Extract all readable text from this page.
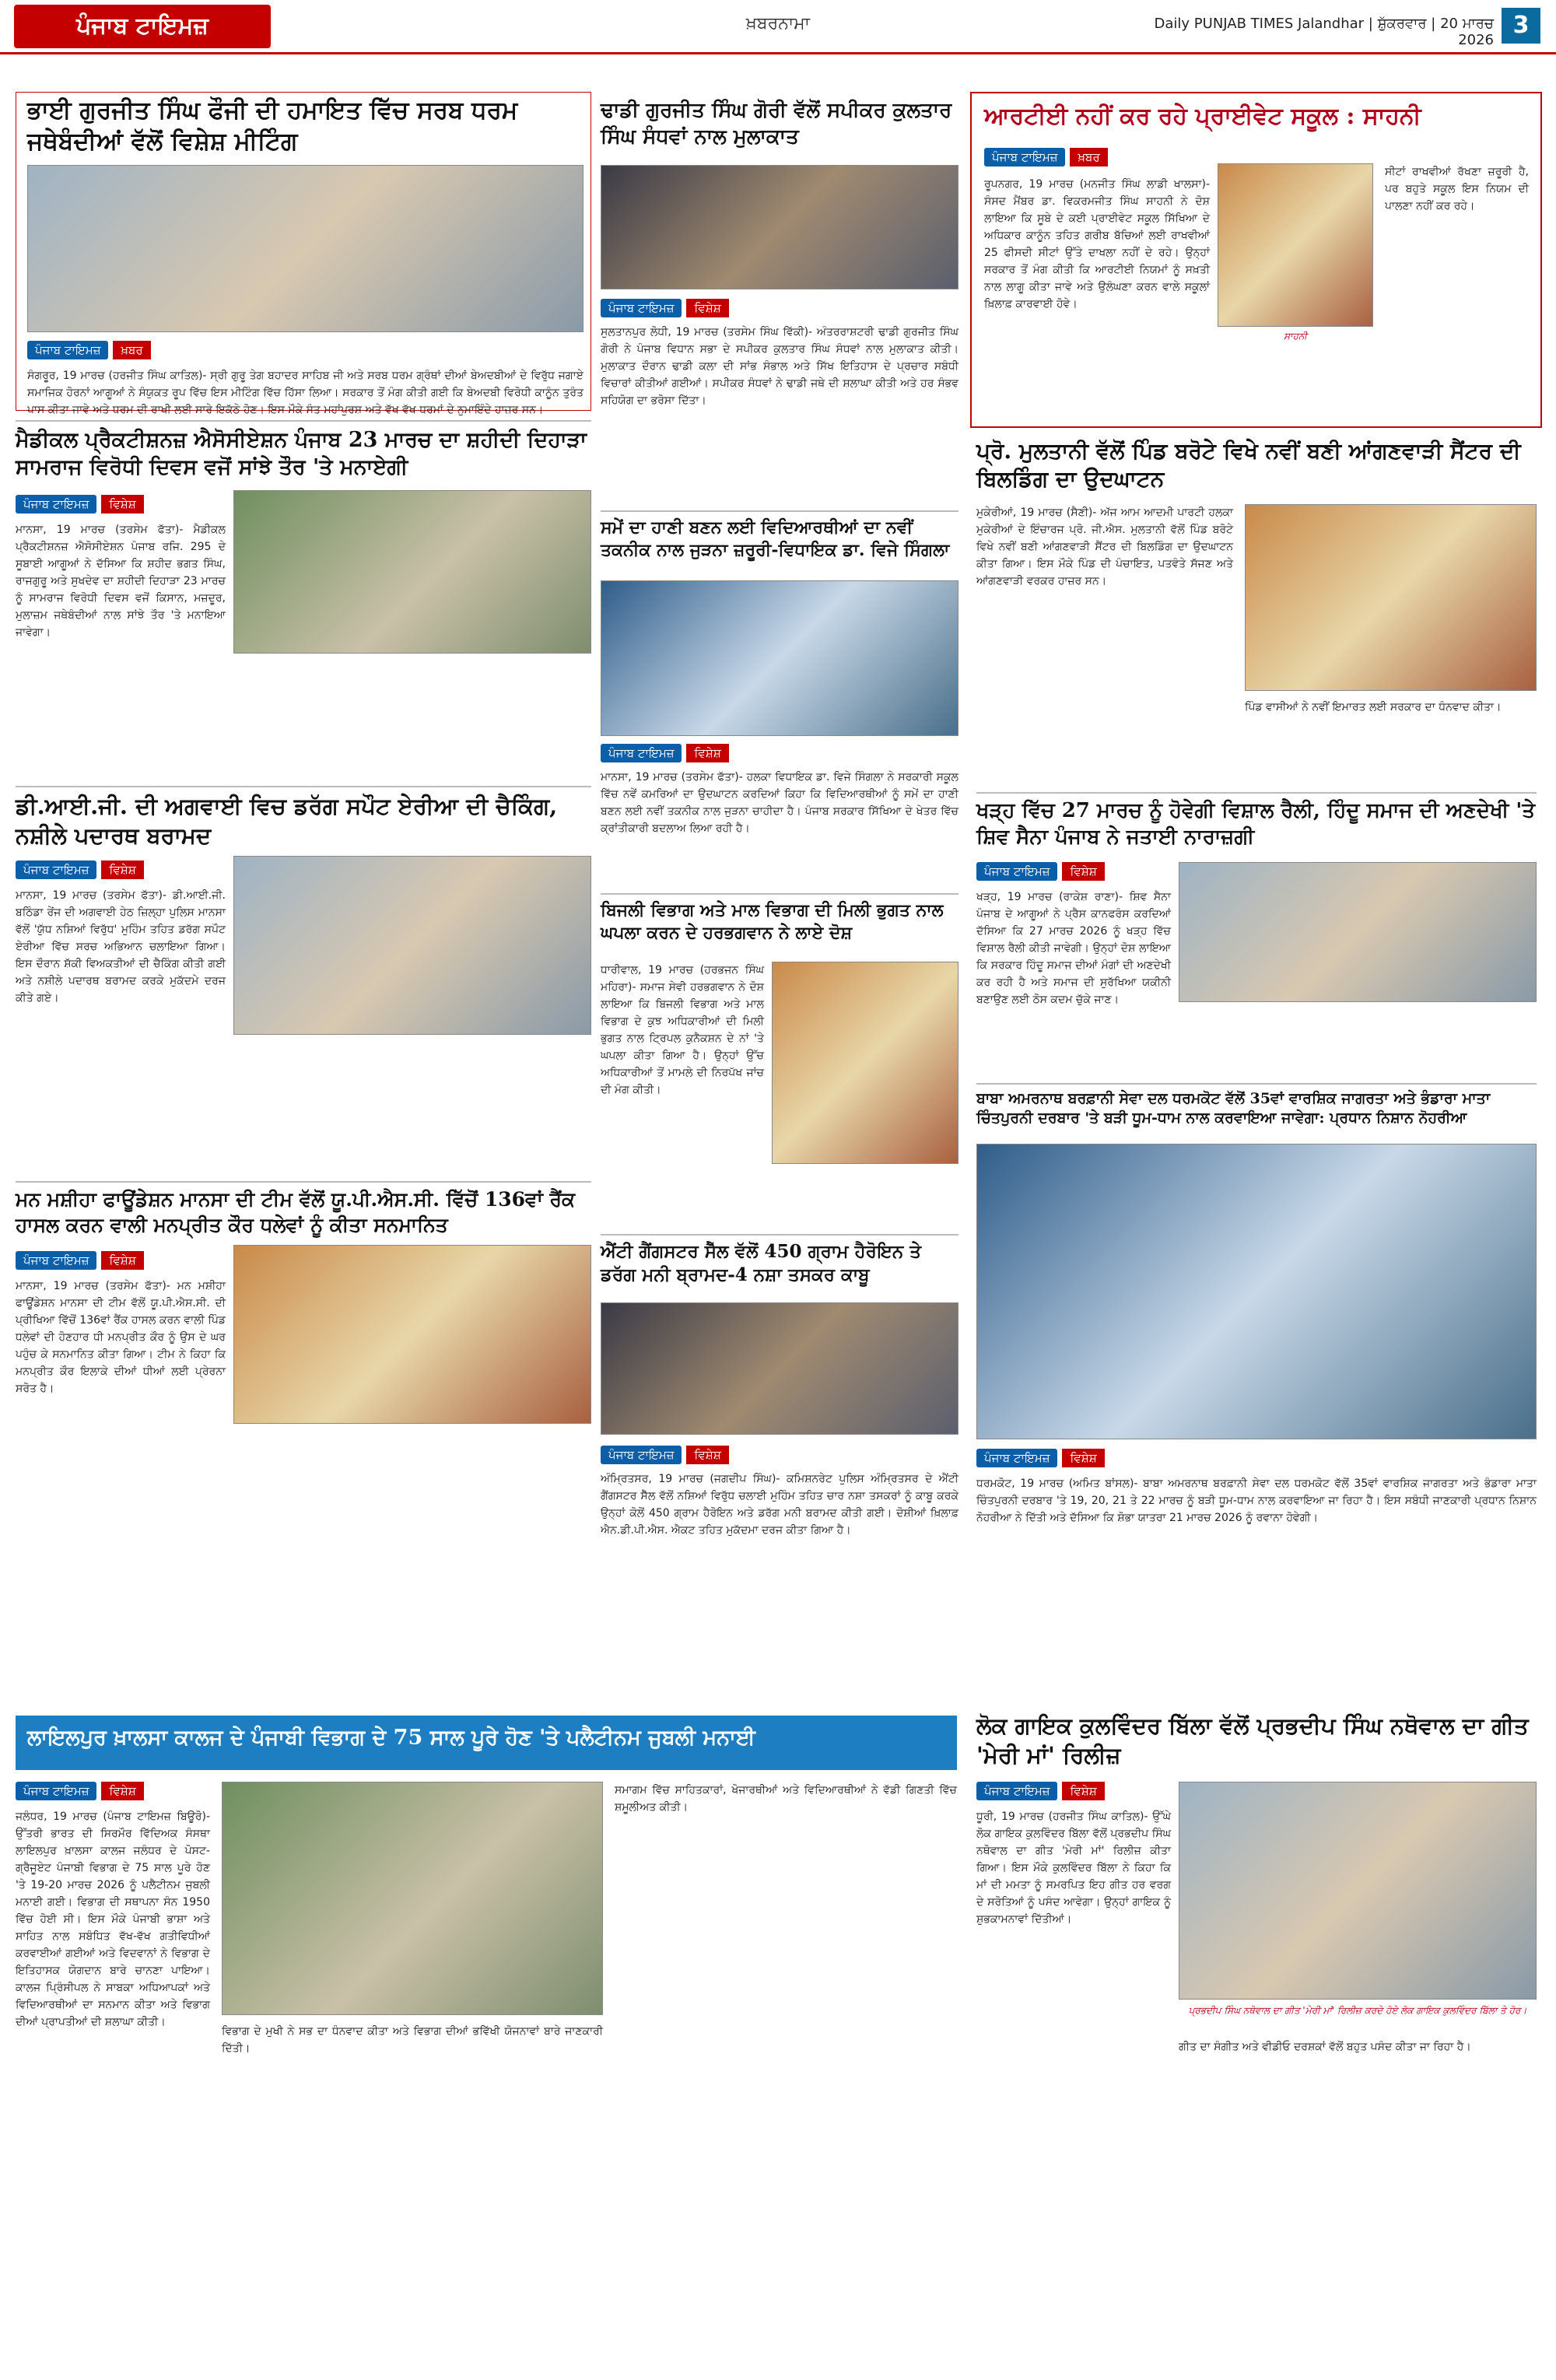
ਪੰਜਾਬ ਟਾਇਮਜ਼	ਖ਼ਬਰਨਾਮਾ	Daily PUNJAB TIMES Jalandhar | ਸ਼ੁੱਕਰਵਾਰ | 20 ਮਾਰਚ 2026
3
ਭਾਈ ਗੁਰਜੀਤ ਸਿੰਘ ਫੌਜੀ ਦੀ ਹਮਾਇਤ ਵਿੱਚ ਸਰਬ ਧਰਮ ਜਥੇਬੰਦੀਆਂ ਵੱਲੋਂ ਵਿਸ਼ੇਸ਼ ਮੀਟਿੰਗ
ਪੰਜਾਬ ਟਾਇਮਜ਼ ਖ਼ਬਰ
ਸੰਗਰੂਰ, 19 ਮਾਰਚ (ਹਰਜੀਤ ਸਿੰਘ ਕਾਤਿਲ)- ਸ੍ਰੀ ਗੁਰੂ ਤੇਗ ਬਹਾਦਰ ਸਾਹਿਬ ਜੀ ਅਤੇ ਸਰਬ ਧਰਮ ਗ੍ਰੰਥਾਂ ਦੀਆਂ ਬੇਅਦਬੀਆਂ ਦੇ ਵਿਰੁੱਧ ਜਗਾਏ ਸਮਾਜਿਕ ਹੋਰਨਾਂ ਆਗੂਆਂ ਨੇ ਸੰਯੁਕਤ ਰੂਪ ਵਿੱਚ ਇਸ ਮੀਟਿੰਗ ਵਿੱਚ ਹਿੱਸਾ ਲਿਆ। ਸਰਕਾਰ ਤੋਂ ਮੰਗ ਕੀਤੀ ਗਈ ਕਿ ਬੇਅਦਬੀ ਵਿਰੋਧੀ ਕਾਨੂੰਨ ਤੁਰੰਤ ਪਾਸ ਕੀਤਾ ਜਾਵੇ ਅਤੇ ਧਰਮ ਦੀ ਰਾਖੀ ਲਈ ਸਾਰੇ ਇਕੱਠੇ ਹੋਣ। ਇਸ ਮੌਕੇ ਸੰਤ ਮਹਾਂਪੁਰਸ਼ ਅਤੇ ਵੱਖ ਵੱਖ ਧਰਮਾਂ ਦੇ ਨੁਮਾਇੰਦੇ ਹਾਜ਼ਰ ਸਨ।
ਢਾਡੀ ਗੁਰਜੀਤ ਸਿੰਘ ਗੋਰੀ ਵੱਲੋਂ ਸਪੀਕਰ ਕੁਲਤਾਰ ਸਿੰਘ ਸੰਧਵਾਂ ਨਾਲ ਮੁਲਾਕਾਤ
ਪੰਜਾਬ ਟਾਇਮਜ਼ ਵਿਸ਼ੇਸ਼
ਸੁਲਤਾਨਪੁਰ ਲੋਧੀ, 19 ਮਾਰਚ (ਤਰਸੇਮ ਸਿੰਘ ਵਿੱਕੀ)- ਅੰਤਰਰਾਸ਼ਟਰੀ ਢਾਡੀ ਗੁਰਜੀਤ ਸਿੰਘ ਗੋਰੀ ਨੇ ਪੰਜਾਬ ਵਿਧਾਨ ਸਭਾ ਦੇ ਸਪੀਕਰ ਕੁਲਤਾਰ ਸਿੰਘ ਸੰਧਵਾਂ ਨਾਲ ਮੁਲਾਕਾਤ ਕੀਤੀ। ਮੁਲਾਕਾਤ ਦੌਰਾਨ ਢਾਡੀ ਕਲਾ ਦੀ ਸਾਂਭ ਸੰਭਾਲ ਅਤੇ ਸਿੱਖ ਇਤਿਹਾਸ ਦੇ ਪ੍ਰਚਾਰ ਸਬੰਧੀ ਵਿਚਾਰਾਂ ਕੀਤੀਆਂ ਗਈਆਂ। ਸਪੀਕਰ ਸੰਧਵਾਂ ਨੇ ਢਾਡੀ ਜਥੇ ਦੀ ਸ਼ਲਾਘਾ ਕੀਤੀ ਅਤੇ ਹਰ ਸੰਭਵ ਸਹਿਯੋਗ ਦਾ ਭਰੋਸਾ ਦਿੱਤਾ।
ਆਰਟੀਈ ਨਹੀਂ ਕਰ ਰਹੇ ਪ੍ਰਾਈਵੇਟ ਸਕੂਲ : ਸਾਹਨੀ
ਪੰਜਾਬ ਟਾਇਮਜ਼ ਖ਼ਬਰ
ਰੂਪਨਗਰ, 19 ਮਾਰਚ (ਮਨਜੀਤ ਸਿੰਘ ਲਾਡੀ ਖਾਲਸਾ)- ਸੰਸਦ ਮੈਂਬਰ ਡਾ. ਵਿਕਰਮਜੀਤ ਸਿੰਘ ਸਾਹਨੀ ਨੇ ਦੋਸ਼ ਲਾਇਆ ਕਿ ਸੂਬੇ ਦੇ ਕਈ ਪ੍ਰਾਈਵੇਟ ਸਕੂਲ ਸਿੱਖਿਆ ਦੇ ਅਧਿਕਾਰ ਕਾਨੂੰਨ ਤਹਿਤ ਗਰੀਬ ਬੱਚਿਆਂ ਲਈ ਰਾਖਵੀਆਂ 25 ਫੀਸਦੀ ਸੀਟਾਂ ਉੱਤੇ ਦਾਖਲਾ ਨਹੀਂ ਦੇ ਰਹੇ। ਉਨ੍ਹਾਂ ਸਰਕਾਰ ਤੋਂ ਮੰਗ ਕੀਤੀ ਕਿ ਆਰਟੀਈ ਨਿਯਮਾਂ ਨੂੰ ਸਖ਼ਤੀ ਨਾਲ ਲਾਗੂ ਕੀਤਾ ਜਾਵੇ ਅਤੇ ਉਲੰਘਣਾ ਕਰਨ ਵਾਲੇ ਸਕੂਲਾਂ ਖ਼ਿਲਾਫ਼ ਕਾਰਵਾਈ ਹੋਵੇ।
ਸਾਹਨੀ
ਸੀਟਾਂ ਰਾਖਵੀਆਂ ਰੱਖਣਾ ਜ਼ਰੂਰੀ ਹੈ, ਪਰ ਬਹੁਤੇ ਸਕੂਲ ਇਸ ਨਿਯਮ ਦੀ ਪਾਲਣਾ ਨਹੀਂ ਕਰ ਰਹੇ।
ਸਮੇਂ ਦਾ ਹਾਣੀ ਬਣਨ ਲਈ ਵਿਦਿਆਰਥੀਆਂ ਦਾ ਨਵੀਂ ਤਕਨੀਕ ਨਾਲ ਜੁੜਨਾ ਜ਼ਰੂਰੀ-ਵਿਧਾਇਕ ਡਾ. ਵਿਜੇ ਸਿੰਗਲਾ
ਪੰਜਾਬ ਟਾਇਮਜ਼ ਵਿਸ਼ੇਸ਼
ਮਾਨਸਾ, 19 ਮਾਰਚ (ਤਰਸੇਮ ਫੱਤਾ)- ਹਲਕਾ ਵਿਧਾਇਕ ਡਾ. ਵਿਜੇ ਸਿੰਗਲਾ ਨੇ ਸਰਕਾਰੀ ਸਕੂਲ ਵਿੱਚ ਨਵੇਂ ਕਮਰਿਆਂ ਦਾ ਉਦਘਾਟਨ ਕਰਦਿਆਂ ਕਿਹਾ ਕਿ ਵਿਦਿਆਰਥੀਆਂ ਨੂੰ ਸਮੇਂ ਦਾ ਹਾਣੀ ਬਣਨ ਲਈ ਨਵੀਂ ਤਕਨੀਕ ਨਾਲ ਜੁੜਨਾ ਚਾਹੀਦਾ ਹੈ। ਪੰਜਾਬ ਸਰਕਾਰ ਸਿੱਖਿਆ ਦੇ ਖੇਤਰ ਵਿੱਚ ਕ੍ਰਾਂਤੀਕਾਰੀ ਬਦਲਾਅ ਲਿਆ ਰਹੀ ਹੈ।
ਪ੍ਰੋ. ਮੁਲਤਾਨੀ ਵੱਲੋਂ ਪਿੰਡ ਬਰੋਟੇ ਵਿਖੇ ਨਵੀਂ ਬਣੀ ਆਂਗਣਵਾੜੀ ਸੈਂਟਰ ਦੀ ਬਿਲਡਿੰਗ ਦਾ ਉਦਘਾਟਨ
ਮੁਕੇਰੀਆਂ, 19 ਮਾਰਚ (ਸੈਣੀ)- ਅੱਜ ਆਮ ਆਦਮੀ ਪਾਰਟੀ ਹਲਕਾ ਮੁਕੇਰੀਆਂ ਦੇ ਇੰਚਾਰਜ ਪ੍ਰੋ. ਜੀ.ਐਸ. ਮੁਲਤਾਨੀ ਵੱਲੋਂ ਪਿੰਡ ਬਰੋਟੇ ਵਿਖੇ ਨਵੀਂ ਬਣੀ ਆਂਗਣਵਾੜੀ ਸੈਂਟਰ ਦੀ ਬਿਲਡਿੰਗ ਦਾ ਉਦਘਾਟਨ ਕੀਤਾ ਗਿਆ। ਇਸ ਮੌਕੇ ਪਿੰਡ ਦੀ ਪੰਚਾਇਤ, ਪਤਵੰਤੇ ਸੱਜਣ ਅਤੇ ਆਂਗਣਵਾੜੀ ਵਰਕਰ ਹਾਜ਼ਰ ਸਨ।
ਪਿੰਡ ਵਾਸੀਆਂ ਨੇ ਨਵੀਂ ਇਮਾਰਤ ਲਈ ਸਰਕਾਰ ਦਾ ਧੰਨਵਾਦ ਕੀਤਾ।
ਮੈਡੀਕਲ ਪ੍ਰੈਕਟੀਸ਼ਨਜ਼ ਐਸੋਸੀਏਸ਼ਨ ਪੰਜਾਬ 23 ਮਾਰਚ ਦਾ ਸ਼ਹੀਦੀ ਦਿਹਾੜਾ ਸਾਮਰਾਜ ਵਿਰੋਧੀ ਦਿਵਸ ਵਜੋਂ ਸਾਂਝੇ ਤੌਰ 'ਤੇ ਮਨਾਏਗੀ
ਪੰਜਾਬ ਟਾਇਮਜ਼ ਵਿਸ਼ੇਸ਼
ਮਾਨਸਾ, 19 ਮਾਰਚ (ਤਰਸੇਮ ਫੱਤਾ)- ਮੈਡੀਕਲ ਪ੍ਰੈਕਟੀਸ਼ਨਜ਼ ਐਸੋਸੀਏਸ਼ਨ ਪੰਜਾਬ ਰਜਿ. 295 ਦੇ ਸੂਬਾਈ ਆਗੂਆਂ ਨੇ ਦੱਸਿਆ ਕਿ ਸ਼ਹੀਦ ਭਗਤ ਸਿੰਘ, ਰਾਜਗੁਰੂ ਅਤੇ ਸੁਖਦੇਵ ਦਾ ਸ਼ਹੀਦੀ ਦਿਹਾੜਾ 23 ਮਾਰਚ ਨੂੰ ਸਾਮਰਾਜ ਵਿਰੋਧੀ ਦਿਵਸ ਵਜੋਂ ਕਿਸਾਨ, ਮਜ਼ਦੂਰ, ਮੁਲਾਜ਼ਮ ਜਥੇਬੰਦੀਆਂ ਨਾਲ ਸਾਂਝੇ ਤੌਰ 'ਤੇ ਮਨਾਇਆ ਜਾਵੇਗਾ।
ਖੜ੍ਹ ਵਿੱਚ 27 ਮਾਰਚ ਨੂੰ ਹੋਵੇਗੀ ਵਿਸ਼ਾਲ ਰੈਲੀ, ਹਿੰਦੂ ਸਮਾਜ ਦੀ ਅਣਦੇਖੀ 'ਤੇ ਸ਼ਿਵ ਸੈਨਾ ਪੰਜਾਬ ਨੇ ਜਤਾਈ ਨਾਰਾਜ਼ਗੀ
ਪੰਜਾਬ ਟਾਇਮਜ਼ ਵਿਸ਼ੇਸ਼
ਖੜ੍ਹ, 19 ਮਾਰਚ (ਰਾਕੇਸ਼ ਰਾਣਾ)- ਸ਼ਿਵ ਸੈਨਾ ਪੰਜਾਬ ਦੇ ਆਗੂਆਂ ਨੇ ਪ੍ਰੈਸ ਕਾਨਫਰੰਸ ਕਰਦਿਆਂ ਦੱਸਿਆ ਕਿ 27 ਮਾਰਚ 2026 ਨੂੰ ਖੜ੍ਹ ਵਿੱਚ ਵਿਸ਼ਾਲ ਰੈਲੀ ਕੀਤੀ ਜਾਵੇਗੀ। ਉਨ੍ਹਾਂ ਦੋਸ਼ ਲਾਇਆ ਕਿ ਸਰਕਾਰ ਹਿੰਦੂ ਸਮਾਜ ਦੀਆਂ ਮੰਗਾਂ ਦੀ ਅਣਦੇਖੀ ਕਰ ਰਹੀ ਹੈ ਅਤੇ ਸਮਾਜ ਦੀ ਸੁਰੱਖਿਆ ਯਕੀਨੀ ਬਣਾਉਣ ਲਈ ਠੋਸ ਕਦਮ ਚੁੱਕੇ ਜਾਣ।
ਡੀ.ਆਈ.ਜੀ. ਦੀ ਅਗਵਾਈ ਵਿਚ ਡਰੱਗ ਸਪੌਟ ਏਰੀਆ ਦੀ ਚੈਕਿੰਗ, ਨਸ਼ੀਲੇ ਪਦਾਰਥ ਬਰਾਮਦ
ਪੰਜਾਬ ਟਾਇਮਜ਼ ਵਿਸ਼ੇਸ਼
ਮਾਨਸਾ, 19 ਮਾਰਚ (ਤਰਸੇਮ ਫੱਤਾ)- ਡੀ.ਆਈ.ਜੀ. ਬਠਿੰਡਾ ਰੇਂਜ ਦੀ ਅਗਵਾਈ ਹੇਠ ਜ਼ਿਲ੍ਹਾ ਪੁਲਿਸ ਮਾਨਸਾ ਵੱਲੋਂ 'ਯੁੱਧ ਨਸ਼ਿਆਂ ਵਿਰੁੱਧ' ਮੁਹਿੰਮ ਤਹਿਤ ਡਰੱਗ ਸਪੌਟ ਏਰੀਆ ਵਿੱਚ ਸਰਚ ਅਭਿਆਨ ਚਲਾਇਆ ਗਿਆ। ਇਸ ਦੌਰਾਨ ਸ਼ੱਕੀ ਵਿਅਕਤੀਆਂ ਦੀ ਚੈਕਿੰਗ ਕੀਤੀ ਗਈ ਅਤੇ ਨਸ਼ੀਲੇ ਪਦਾਰਥ ਬਰਾਮਦ ਕਰਕੇ ਮੁਕੱਦਮੇ ਦਰਜ ਕੀਤੇ ਗਏ।
ਬਿਜਲੀ ਵਿਭਾਗ ਅਤੇ ਮਾਲ ਵਿਭਾਗ ਦੀ ਮਿਲੀ ਭੁਗਤ ਨਾਲ ਘਪਲਾ ਕਰਨ ਦੇ ਹਰਭਗਵਾਨ ਨੇ ਲਾਏ ਦੋਸ਼
ਧਾਰੀਵਾਲ, 19 ਮਾਰਚ (ਹਰਭਜਨ ਸਿੰਘ ਮਹਿਰਾ)- ਸਮਾਜ ਸੇਵੀ ਹਰਭਗਵਾਨ ਨੇ ਦੋਸ਼ ਲਾਇਆ ਕਿ ਬਿਜਲੀ ਵਿਭਾਗ ਅਤੇ ਮਾਲ ਵਿਭਾਗ ਦੇ ਕੁਝ ਅਧਿਕਾਰੀਆਂ ਦੀ ਮਿਲੀ ਭੁਗਤ ਨਾਲ ਟ੍ਰਿਪਲ ਕੁਨੈਕਸ਼ਨ ਦੇ ਨਾਂ 'ਤੇ ਘਪਲਾ ਕੀਤਾ ਗਿਆ ਹੈ। ਉਨ੍ਹਾਂ ਉੱਚ ਅਧਿਕਾਰੀਆਂ ਤੋਂ ਮਾਮਲੇ ਦੀ ਨਿਰਪੱਖ ਜਾਂਚ ਦੀ ਮੰਗ ਕੀਤੀ।
ਐਂਟੀ ਗੈਂਗਸਟਰ ਸੈੱਲ ਵੱਲੋਂ 450 ਗ੍ਰਾਮ ਹੈਰੋਇਨ ਤੇ ਡਰੱਗ ਮਨੀ ਬ੍ਰਾਮਦ-4 ਨਸ਼ਾ ਤਸਕਰ ਕਾਬੂ
ਪੰਜਾਬ ਟਾਇਮਜ਼ ਵਿਸ਼ੇਸ਼
ਅੰਮ੍ਰਿਤਸਰ, 19 ਮਾਰਚ (ਜਗਦੀਪ ਸਿੰਘ)- ਕਮਿਸ਼ਨਰੇਟ ਪੁਲਿਸ ਅੰਮ੍ਰਿਤਸਰ ਦੇ ਐਂਟੀ ਗੈਂਗਸਟਰ ਸੈੱਲ ਵੱਲੋਂ ਨਸ਼ਿਆਂ ਵਿਰੁੱਧ ਚਲਾਈ ਮੁਹਿੰਮ ਤਹਿਤ ਚਾਰ ਨਸ਼ਾ ਤਸਕਰਾਂ ਨੂੰ ਕਾਬੂ ਕਰਕੇ ਉਨ੍ਹਾਂ ਕੋਲੋਂ 450 ਗ੍ਰਾਮ ਹੈਰੋਇਨ ਅਤੇ ਡਰੱਗ ਮਨੀ ਬਰਾਮਦ ਕੀਤੀ ਗਈ। ਦੋਸ਼ੀਆਂ ਖ਼ਿਲਾਫ਼ ਐਨ.ਡੀ.ਪੀ.ਐਸ. ਐਕਟ ਤਹਿਤ ਮੁਕੱਦਮਾ ਦਰਜ ਕੀਤਾ ਗਿਆ ਹੈ।
ਬਾਬਾ ਅਮਰਨਾਥ ਬਰਫ਼ਾਨੀ ਸੇਵਾ ਦਲ ਧਰਮਕੋਟ ਵੱਲੋਂ 35ਵਾਂ ਵਾਰਸ਼ਿਕ ਜਾਗਰਤਾ ਅਤੇ ਭੰਡਾਰਾ ਮਾਤਾ ਚਿੰਤਪੁਰਨੀ ਦਰਬਾਰ 'ਤੇ ਬੜੀ ਧੂਮ-ਧਾਮ ਨਾਲ ਕਰਵਾਇਆ ਜਾਵੇਗਾ: ਪ੍ਰਧਾਨ ਨਿਸ਼ਾਨ ਨੋਹਰੀਆ
ਪੰਜਾਬ ਟਾਇਮਜ਼ ਵਿਸ਼ੇਸ਼
ਧਰਮਕੋਟ, 19 ਮਾਰਚ (ਅਮਿਤ ਬਾਂਸਲ)- ਬਾਬਾ ਅਮਰਨਾਥ ਬਰਫ਼ਾਨੀ ਸੇਵਾ ਦਲ ਧਰਮਕੋਟ ਵੱਲੋਂ 35ਵਾਂ ਵਾਰਸ਼ਿਕ ਜਾਗਰਤਾ ਅਤੇ ਭੰਡਾਰਾ ਮਾਤਾ ਚਿੰਤਪੁਰਨੀ ਦਰਬਾਰ 'ਤੇ 19, 20, 21 ਤੇ 22 ਮਾਰਚ ਨੂੰ ਬੜੀ ਧੂਮ-ਧਾਮ ਨਾਲ ਕਰਵਾਇਆ ਜਾ ਰਿਹਾ ਹੈ। ਇਸ ਸਬੰਧੀ ਜਾਣਕਾਰੀ ਪ੍ਰਧਾਨ ਨਿਸ਼ਾਨ ਨੋਹਰੀਆ ਨੇ ਦਿੱਤੀ ਅਤੇ ਦੱਸਿਆ ਕਿ ਸ਼ੋਭਾ ਯਾਤਰਾ 21 ਮਾਰਚ 2026 ਨੂੰ ਰਵਾਨਾ ਹੋਵੇਗੀ।
ਮਨ ਮਸ਼ੀਹਾ ਫਾਊਂਡੇਸ਼ਨ ਮਾਨਸਾ ਦੀ ਟੀਮ ਵੱਲੋਂ ਯੂ.ਪੀ.ਐਸ.ਸੀ. ਵਿੱਚੋਂ 136ਵਾਂ ਰੈਂਕ ਹਾਸਲ ਕਰਨ ਵਾਲੀ ਮਨਪ੍ਰੀਤ ਕੌਰ ਧਲੇਵਾਂ ਨੂੰ ਕੀਤਾ ਸਨਮਾਨਿਤ
ਪੰਜਾਬ ਟਾਇਮਜ਼ ਵਿਸ਼ੇਸ਼
ਮਾਨਸਾ, 19 ਮਾਰਚ (ਤਰਸੇਮ ਫੱਤਾ)- ਮਨ ਮਸ਼ੀਹਾ ਫਾਊਂਡੇਸ਼ਨ ਮਾਨਸਾ ਦੀ ਟੀਮ ਵੱਲੋਂ ਯੂ.ਪੀ.ਐਸ.ਸੀ. ਦੀ ਪ੍ਰੀਖਿਆ ਵਿੱਚੋਂ 136ਵਾਂ ਰੈਂਕ ਹਾਸਲ ਕਰਨ ਵਾਲੀ ਪਿੰਡ ਧਲੇਵਾਂ ਦੀ ਹੋਣਹਾਰ ਧੀ ਮਨਪ੍ਰੀਤ ਕੌਰ ਨੂੰ ਉਸ ਦੇ ਘਰ ਪਹੁੰਚ ਕੇ ਸਨਮਾਨਿਤ ਕੀਤਾ ਗਿਆ। ਟੀਮ ਨੇ ਕਿਹਾ ਕਿ ਮਨਪ੍ਰੀਤ ਕੌਰ ਇਲਾਕੇ ਦੀਆਂ ਧੀਆਂ ਲਈ ਪ੍ਰੇਰਨਾ ਸਰੋਤ ਹੈ।
ਲਾਇਲਪੁਰ ਖ਼ਾਲਸਾ ਕਾਲਜ ਦੇ ਪੰਜਾਬੀ ਵਿਭਾਗ ਦੇ 75 ਸਾਲ ਪੂਰੇ ਹੋਣ 'ਤੇ ਪਲੈਟੀਨਮ ਜੁਬਲੀ ਮਨਾਈ
ਪੰਜਾਬ ਟਾਇਮਜ਼ ਵਿਸ਼ੇਸ਼
ਜਲੰਧਰ, 19 ਮਾਰਚ (ਪੰਜਾਬ ਟਾਇਮਜ਼ ਬਿਊਰੋ)- ਉੱਤਰੀ ਭਾਰਤ ਦੀ ਸਿਰਮੌਰ ਵਿੱਦਿਅਕ ਸੰਸਥਾ ਲਾਇਲਪੁਰ ਖ਼ਾਲਸਾ ਕਾਲਜ ਜਲੰਧਰ ਦੇ ਪੋਸਟ-ਗ੍ਰੈਜੂਏਟ ਪੰਜਾਬੀ ਵਿਭਾਗ ਦੇ 75 ਸਾਲ ਪੂਰੇ ਹੋਣ 'ਤੇ 19-20 ਮਾਰਚ 2026 ਨੂੰ ਪਲੈਟੀਨਮ ਜੁਬਲੀ ਮਨਾਈ ਗਈ। ਵਿਭਾਗ ਦੀ ਸਥਾਪਨਾ ਸੰਨ 1950 ਵਿੱਚ ਹੋਈ ਸੀ। ਇਸ ਮੌਕੇ ਪੰਜਾਬੀ ਭਾਸ਼ਾ ਅਤੇ ਸਾਹਿਤ ਨਾਲ ਸਬੰਧਿਤ ਵੱਖ-ਵੱਖ ਗਤੀਵਿਧੀਆਂ ਕਰਵਾਈਆਂ ਗਈਆਂ ਅਤੇ ਵਿਦਵਾਨਾਂ ਨੇ ਵਿਭਾਗ ਦੇ ਇਤਿਹਾਸਕ ਯੋਗਦਾਨ ਬਾਰੇ ਚਾਨਣਾ ਪਾਇਆ। ਕਾਲਜ ਪ੍ਰਿੰਸੀਪਲ ਨੇ ਸਾਬਕਾ ਅਧਿਆਪਕਾਂ ਅਤੇ ਵਿਦਿਆਰਥੀਆਂ ਦਾ ਸਨਮਾਨ ਕੀਤਾ ਅਤੇ ਵਿਭਾਗ ਦੀਆਂ ਪ੍ਰਾਪਤੀਆਂ ਦੀ ਸ਼ਲਾਘਾ ਕੀਤੀ।
ਵਿਭਾਗ ਦੇ ਮੁਖੀ ਨੇ ਸਭ ਦਾ ਧੰਨਵਾਦ ਕੀਤਾ ਅਤੇ ਵਿਭਾਗ ਦੀਆਂ ਭਵਿੱਖੀ ਯੋਜਨਾਵਾਂ ਬਾਰੇ ਜਾਣਕਾਰੀ ਦਿੱਤੀ।
ਸਮਾਗਮ ਵਿੱਚ ਸਾਹਿਤਕਾਰਾਂ, ਖੋਜਾਰਥੀਆਂ ਅਤੇ ਵਿਦਿਆਰਥੀਆਂ ਨੇ ਵੱਡੀ ਗਿਣਤੀ ਵਿੱਚ ਸ਼ਮੂਲੀਅਤ ਕੀਤੀ।
ਲੋਕ ਗਾਇਕ ਕੁਲਵਿੰਦਰ ਬਿੱਲਾ ਵੱਲੋਂ ਪ੍ਰਭਦੀਪ ਸਿੰਘ ਨਥੋਵਾਲ ਦਾ ਗੀਤ 'ਮੇਰੀ ਮਾਂ' ਰਿਲੀਜ਼
ਪੰਜਾਬ ਟਾਇਮਜ਼ ਵਿਸ਼ੇਸ਼
ਧੂਰੀ, 19 ਮਾਰਚ (ਹਰਜੀਤ ਸਿੰਘ ਕਾਤਿਲ)- ਉੱਘੇ ਲੋਕ ਗਾਇਕ ਕੁਲਵਿੰਦਰ ਬਿੱਲਾ ਵੱਲੋਂ ਪ੍ਰਭਦੀਪ ਸਿੰਘ ਨਥੋਵਾਲ ਦਾ ਗੀਤ 'ਮੇਰੀ ਮਾਂ' ਰਿਲੀਜ਼ ਕੀਤਾ ਗਿਆ। ਇਸ ਮੌਕੇ ਕੁਲਵਿੰਦਰ ਬਿੱਲਾ ਨੇ ਕਿਹਾ ਕਿ ਮਾਂ ਦੀ ਮਮਤਾ ਨੂੰ ਸਮਰਪਿਤ ਇਹ ਗੀਤ ਹਰ ਵਰਗ ਦੇ ਸਰੋਤਿਆਂ ਨੂੰ ਪਸੰਦ ਆਵੇਗਾ। ਉਨ੍ਹਾਂ ਗਾਇਕ ਨੂੰ ਸ਼ੁਭਕਾਮਨਾਵਾਂ ਦਿੱਤੀਆਂ।
ਪ੍ਰਭਦੀਪ ਸਿੰਘ ਨਥੋਵਾਲ ਦਾ ਗੀਤ 'ਮੇਰੀ ਮਾਂ' ਰਿਲੀਜ਼ ਕਰਦੇ ਹੋਏ ਲੋਕ ਗਾਇਕ ਕੁਲਵਿੰਦਰ ਬਿੱਲਾ ਤੇ ਹੋਰ।
ਗੀਤ ਦਾ ਸੰਗੀਤ ਅਤੇ ਵੀਡੀਓ ਦਰਸ਼ਕਾਂ ਵੱਲੋਂ ਬਹੁਤ ਪਸੰਦ ਕੀਤਾ ਜਾ ਰਿਹਾ ਹੈ।
